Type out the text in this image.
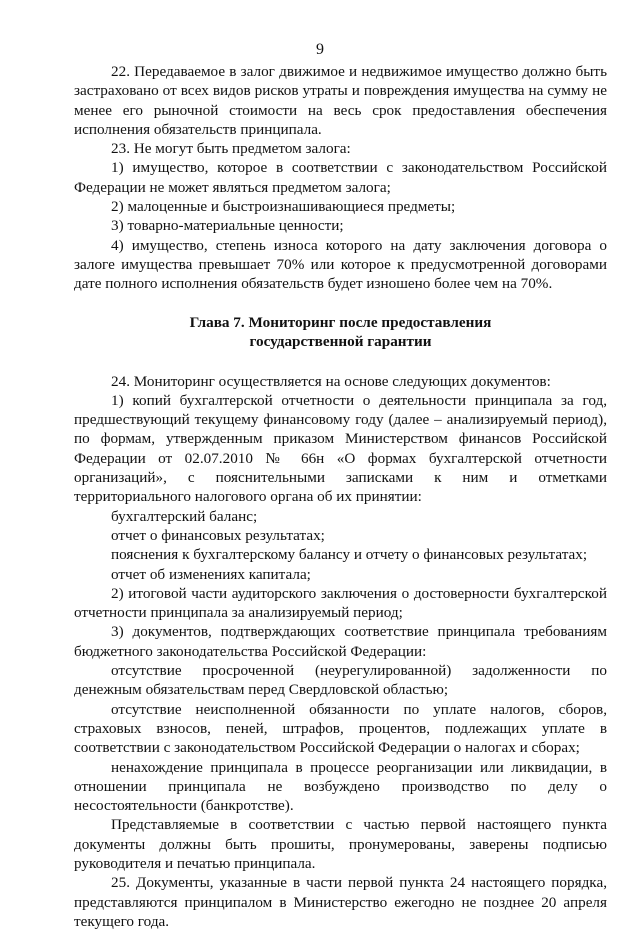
9

22. Передаваемое в залог движимое и недвижимое имущество должно быть застраховано от всех видов рисков утраты и повреждения имущества на сумму не менее его рыночной стоимости на весь срок предоставления обеспечения исполнения обязательств принципала.

23. Не могут быть предметом залога:

1) имущество, которое в соответствии с законодательством Российской Федерации не может являться предметом залога;

2) малоценные и быстроизнашивающиеся предметы;

3) товарно-материальные ценности;

4) имущество, степень износа которого на дату заключения договора о залоге имущества превышает 70% или которое к предусмотренной договорами дате полного исполнения обязательств будет изношено более чем на 70%.

Глава 7. Мониторинг после предоставления
государственной гарантии

24. Мониторинг осуществляется на основе следующих документов:

1) копий бухгалтерской отчетности о деятельности принципала за год, предшествующий текущему финансовому году (далее – анализируемый период), по формам, утвержденным приказом Министерством финансов Российской Федерации от 02.07.2010 № 66н «О формах бухгалтерской отчетности организаций», с пояснительными записками к ним и отметками территориального налогового органа об их принятии:

бухгалтерский баланс;

отчет о финансовых результатах;

пояснения к бухгалтерскому балансу и отчету о финансовых результатах;

отчет об изменениях капитала;

2) итоговой части аудиторского заключения о достоверности бухгалтерской отчетности принципала за анализируемый период;

3) документов, подтверждающих соответствие принципала требованиям бюджетного законодательства Российской Федерации:

отсутствие просроченной (неурегулированной) задолженности по денежным обязательствам перед Свердловской областью;

отсутствие неисполненной обязанности по уплате налогов, сборов, страховых взносов, пеней, штрафов, процентов, подлежащих уплате в соответствии с законодательством Российской Федерации о налогах и сборах;

ненахождение принципала в процессе реорганизации или ликвидации, в отношении принципала не возбуждено производство по делу о несостоятельности (банкротстве).

Представляемые в соответствии с частью первой настоящего пункта документы должны быть прошиты, пронумерованы, заверены подписью руководителя и печатью принципала.

25. Документы, указанные в части первой пункта 24 настоящего порядка, представляются принципалом в Министерство ежегодно не позднее 20 апреля текущего года.
